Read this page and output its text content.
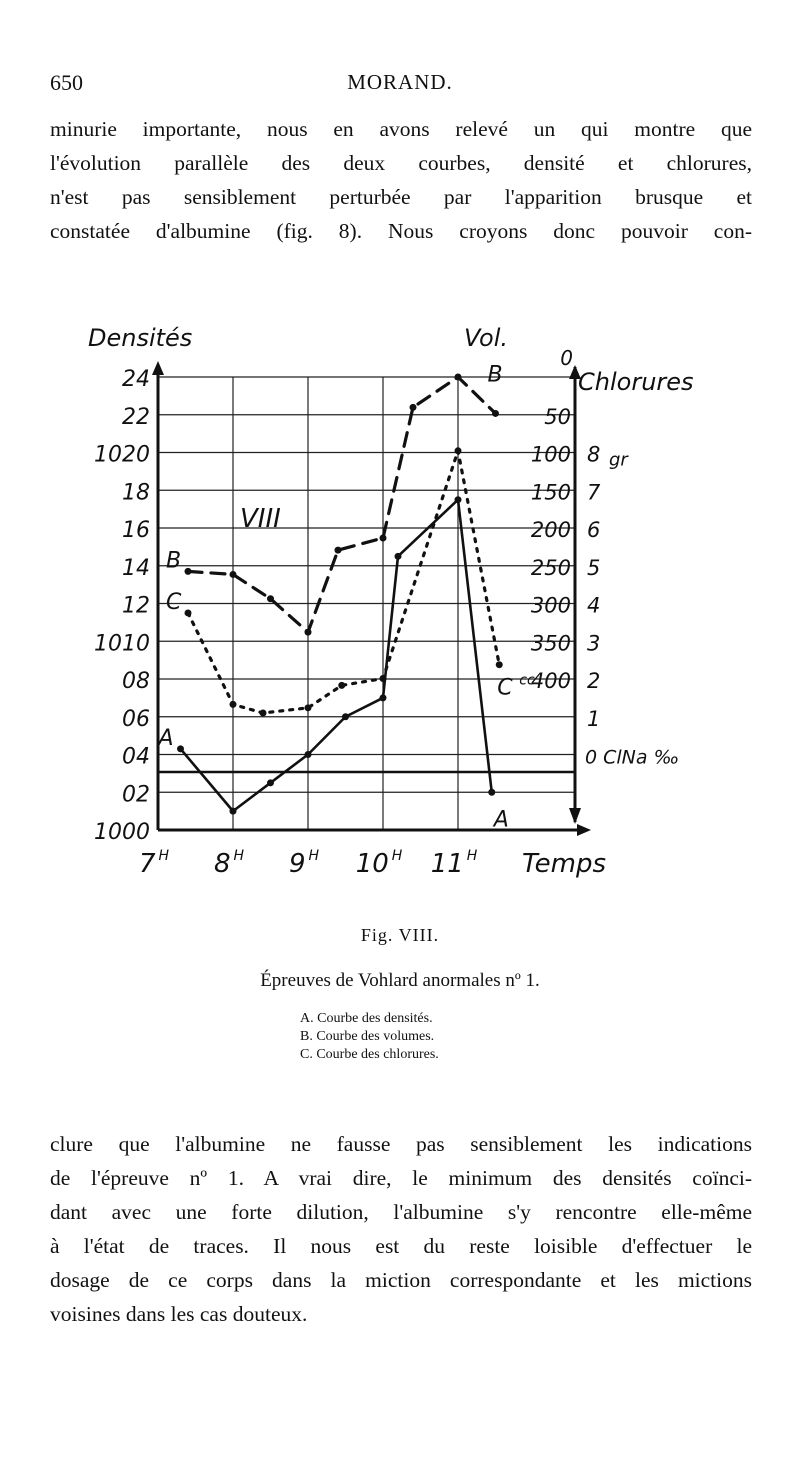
650	MORAND.

minurie importante, nous en avons relevé un qui montre que
l'évolution parallèle des deux courbes, densité et chlorures,
n'est pas sensiblement perturbée par l'apparition brusque et
constatée d'albumine (fig. 8). Nous croyons donc pouvoir con-

24
22
1020
18
16
14
12
1010
08
06
04
02
1000
0
50
100
150
200
250
300
350
400
8
7
6
5
4
3
2
1
gr
0 ClNa ‰
7 $^H$ 8 $^H$ 9 $^H$ 10 $^H$ 11 $^H$
Densités	Vol.
Chlorures
Temps
VIII
A
A
B
B
C
C cc
Fig. VIII.
Épreuves de Vohlard anormales nº 1.
A. Courbe des densités.
B. Courbe des volumes.
C. Courbe des chlorures.

clure que l'albumine ne fausse pas sensiblement les indications
de l'épreuve nº 1. A vrai dire, le minimum des densités coïnci-
dant avec une forte dilution, l'albumine s'y rencontre elle-même
à l'état de traces. Il nous est du reste loisible d'effectuer le
dosage de ce corps dans la miction correspondante et les mictions
voisines dans les cas douteux.
